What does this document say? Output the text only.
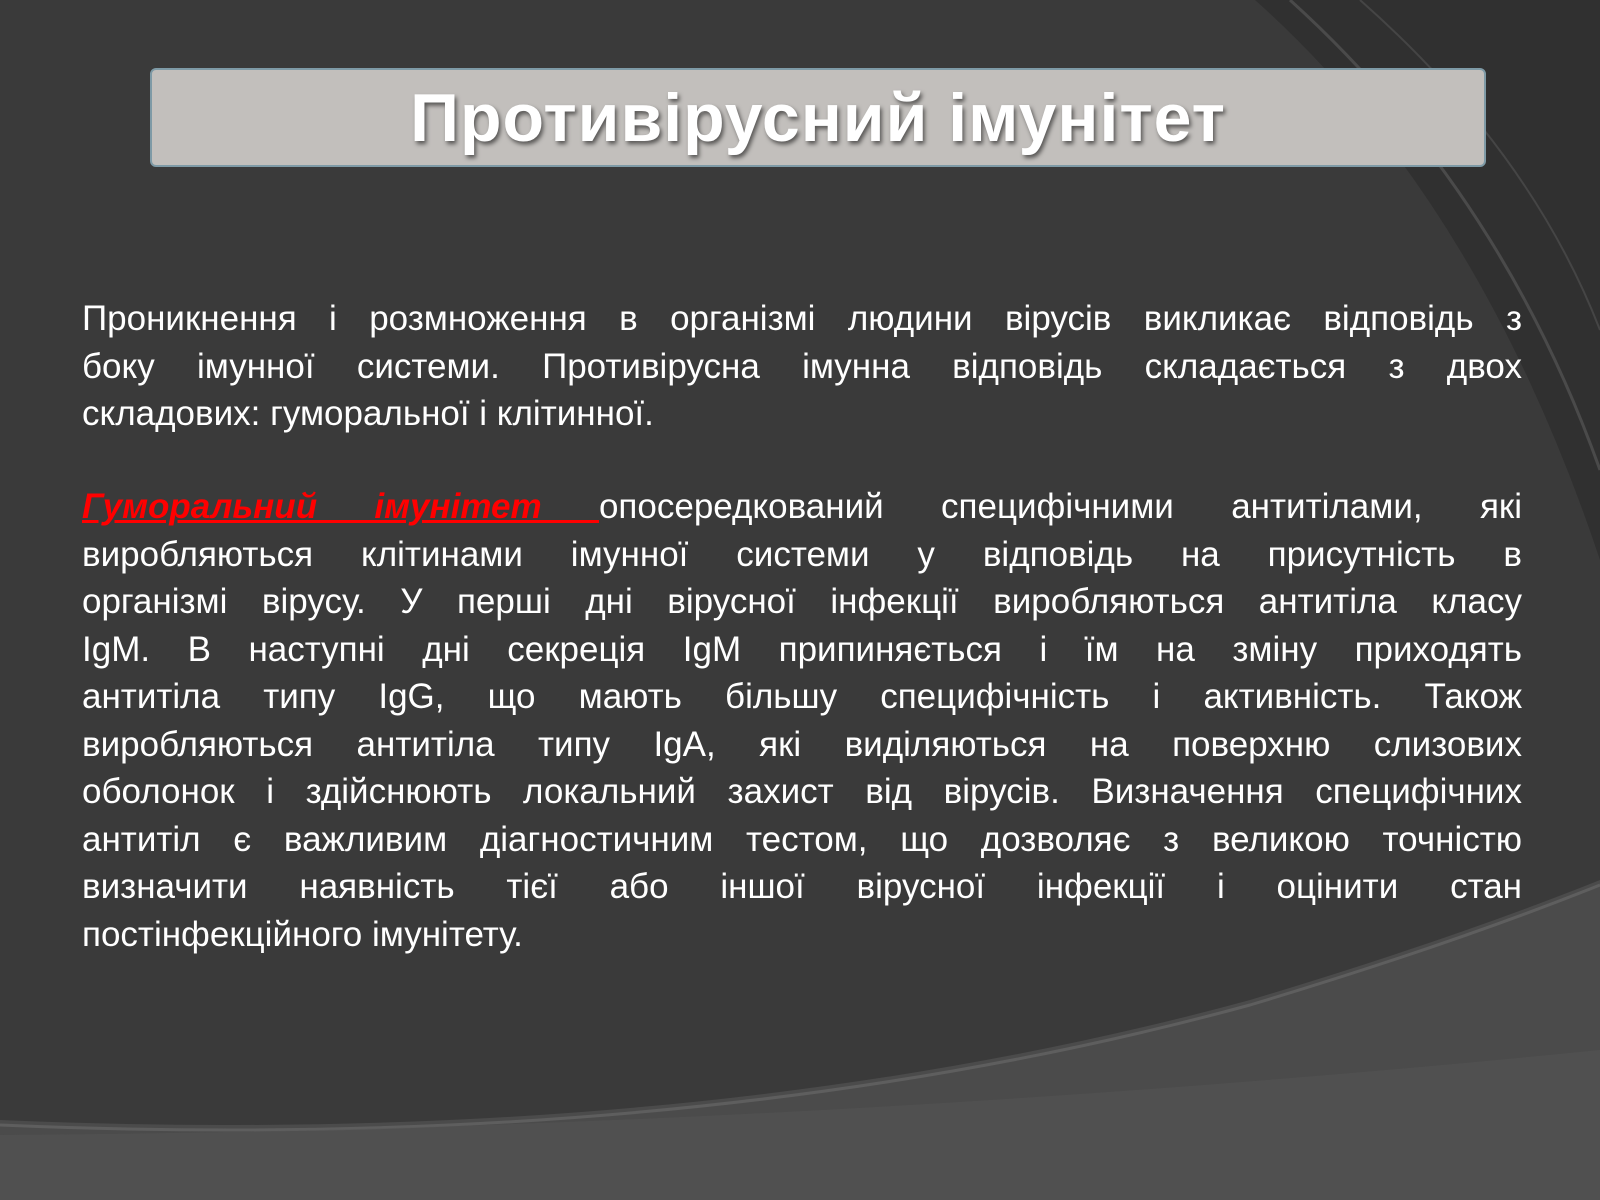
Противірусний імунітет
Проникнення і розмноження в організмі людини вірусів викликає відповідь з
боку імунної системи. Противірусна імунна відповідь складається з двох
складових: гуморальної і клітинної.
Гуморальний імунітет опосередкований специфічними антитілами, які
виробляються клітинами імунної системи у відповідь на присутність в
організмі вірусу. У перші дні вірусної інфекції виробляються антитіла класу
IgM. В наступні дні секреція IgM припиняється і їм на зміну приходять
антитіла типу IgG, що мають більшу специфічність і активність. Також
виробляються антитіла типу IgA, які виділяються на поверхню слизових
оболонок і здійснюють локальний захист від вірусів. Визначення специфічних
антитіл є важливим діагностичним тестом, що дозволяє з великою точністю
визначити наявність тієї або іншої вірусної інфекції і оцінити стан
постінфекційного імунітету.
